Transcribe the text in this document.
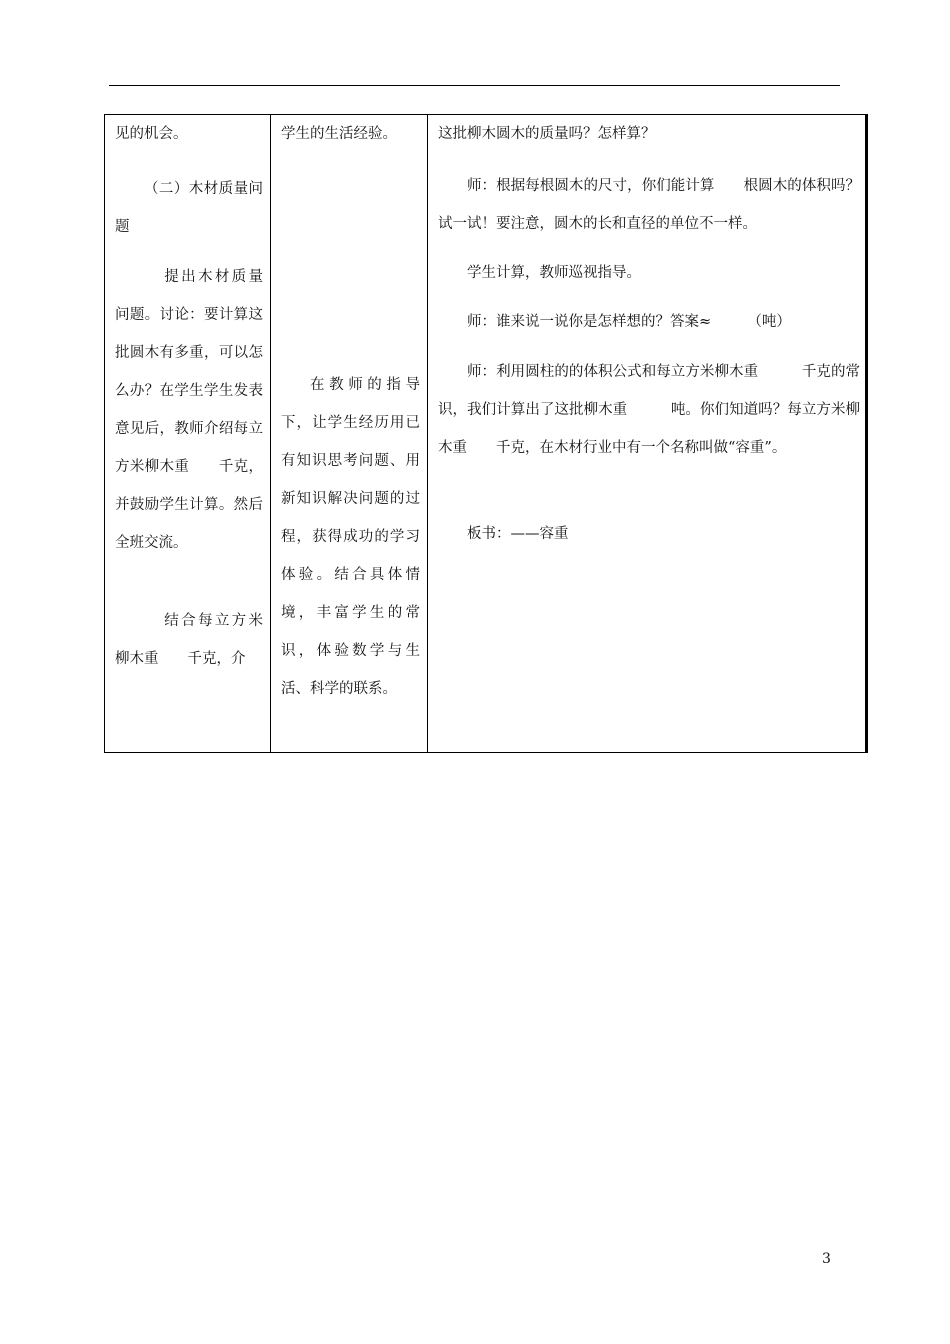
见的机会。

（二）木材质量问题

提出木材质量问题。讨论：要计算这批圆木有多重，可以怎么办？在学生学生发表意见后，教师介绍每立方米柳木重　　千克，并鼓励学生计算。然后全班交流。

结合每立方米柳木重　　千克，介

学生的生活经验。

在教师的指导下，让学生经历用已有知识思考问题、用新知识解决问题的过程，获得成功的学习体验。结合具体情境，丰富学生的常识，体验数学与生活、科学的联系。

这批柳木圆木的质量吗？怎样算？

师：根据每根圆木的尺寸，你们能计算　　根圆木的体积吗？试一试！要注意，圆木的长和直径的单位不一样。

学生计算，教师巡视指导。

师：谁来说一说你是怎样想的？答案≈　　　（吨）

师：利用圆柱的的体积公式和每立方米柳木重　　　千克的常识，我们计算出了这批柳木重　　　吨。你们知道吗？每立方米柳木重　　千克，在木材行业中有一个名称叫做“容重”。

板书：——容重

3
